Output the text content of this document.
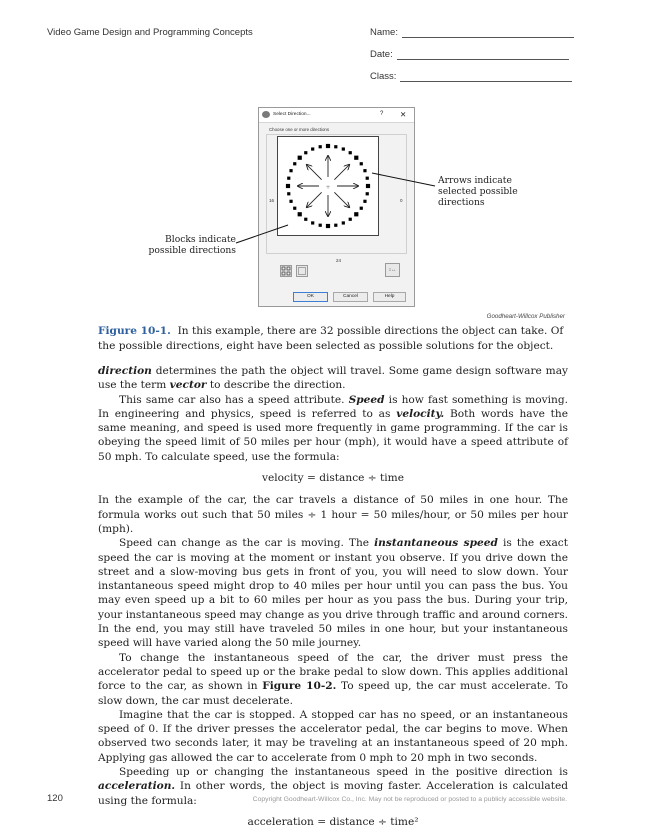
Video Game Design and Programming Concepts	Name:
Date:
Class:
Select Direction...	? ✕
Choose one or more directions
16	0
24
+
↕↔
OK	Cancel	Help
Arrows indicate selected possible directions
Blocks indicate possible directions
Goodheart-Willcox Publisher
Figure 10-1. In this example, there are 32 possible directions the object can take. Of the possible directions, eight have been selected as possible solutions for the object.

direction determines the path the object will travel. Some game design software may use the term vector to describe the direction.

This same car also has a speed attribute. Speed is how fast something is moving. In engineering and physics, speed is referred to as velocity. Both words have the same meaning, and speed is used more frequently in game programming. If the car is obeying the speed limit of 50 miles per hour (mph), it would have a speed attribute of 50 mph. To calculate speed, use the formula:

velocity = distance ÷ time

In the example of the car, the car travels a distance of 50 miles in one hour. The formula works out such that 50 miles ÷ 1 hour = 50 miles/hour, or 50 miles per hour (mph).

Speed can change as the car is moving. The instantaneous speed is the exact speed the car is moving at the moment or instant you observe. If you drive down the street and a slow-moving bus gets in front of you, you will need to slow down. Your instantaneous speed might drop to 40 miles per hour until you can pass the bus. You may even speed up a bit to 60 miles per hour as you pass the bus. During your trip, your instantaneous speed may change as you drive through traffic and around corners. In the end, you may still have traveled 50 miles in one hour, but your instantaneous speed will have varied along the 50 mile journey.

To change the instantaneous speed of the car, the driver must press the accelerator pedal to speed up or the brake pedal to slow down. This applies additional force to the car, as shown in Figure 10-2. To speed up, the car must accelerate. To slow down, the car must decelerate.

Imagine that the car is stopped. A stopped car has no speed, or an instantaneous speed of 0. If the driver presses the accelerator pedal, the car begins to move. When observed two seconds later, it may be traveling at an instantaneous speed of 20 mph. Applying gas allowed the car to accelerate from 0 mph to 20 mph in two seconds.

Speeding up or changing the instantaneous speed in the positive direction is acceleration. In other words, the object is moving faster. Acceleration is calculated using the formula:

acceleration = distance ÷ time²

120	Copyright Goodheart-Willcox Co., Inc. May not be reproduced or posted to a publicly accessible website.
